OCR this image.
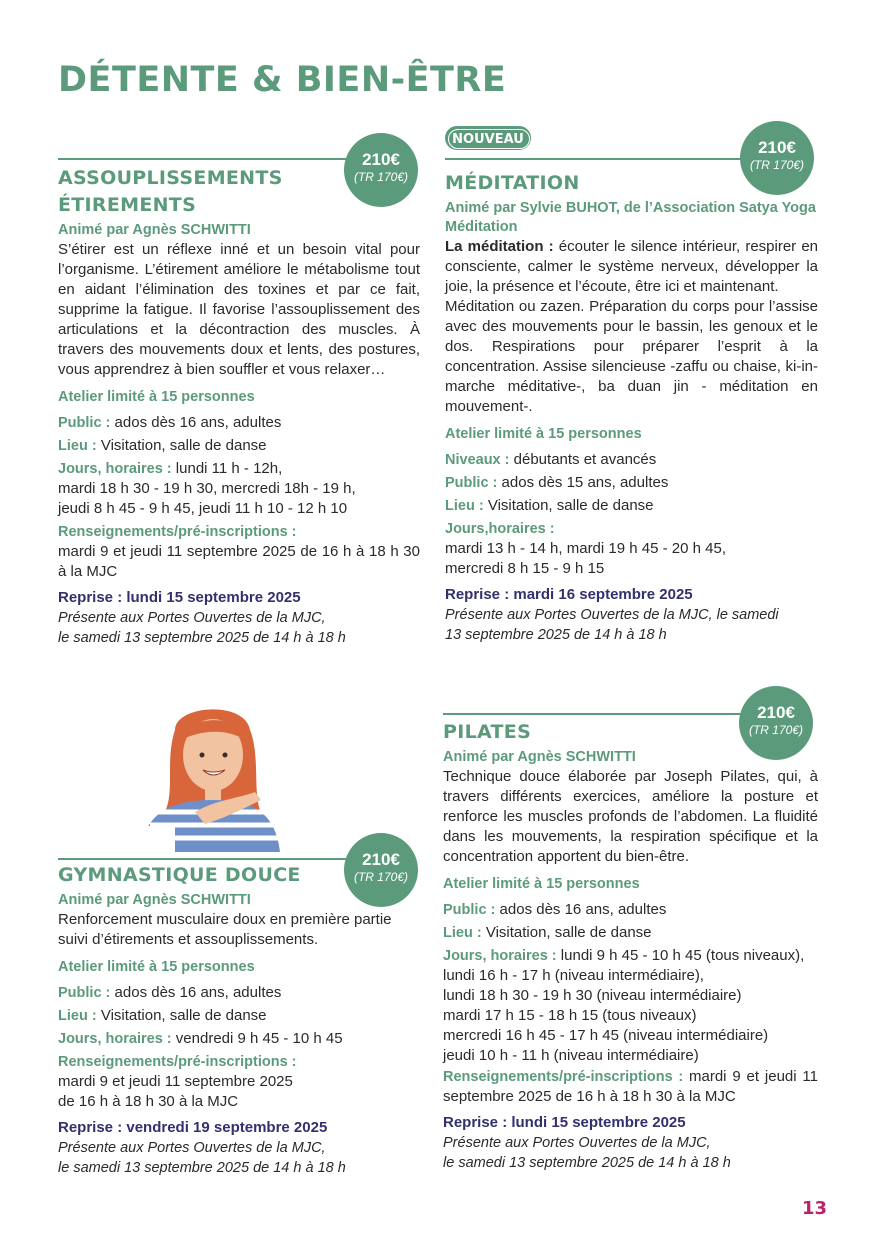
DÉTENTE & BIEN-ÊTRE
210€
(TR 170€)
ASSOUPLISSEMENTS
ÉTIREMENTS
Animé par Agnès SCHWITTI
S’étirer est un réflexe inné et un besoin vital pour l’organisme. L’étirement améliore le métabolisme tout en aidant l’élimination des toxines et par ce fait, supprime la fatigue. Il favorise l’assouplissement des articulations et la décontraction des muscles. À travers des mouvements doux et lents, des postures, vous apprendrez à bien souffler et vous relaxer…
Atelier limité à 15 personnes
Public : ados dès 16 ans, adultes
Lieu : Visitation, salle de danse
Jours, horaires : lundi 11 h - 12h,
mardi 18 h 30 - 19 h 30, mercredi 18h - 19 h,
jeudi 8 h 45 - 9 h 45, jeudi 11 h 10 - 12 h 10
Renseignements/pré-inscriptions :
mardi 9 et jeudi 11 septembre 2025 de 16 h à 18 h 30 à la MJC
Reprise : lundi 15 septembre 2025
Présente aux Portes Ouvertes de la MJC,
le samedi 13 septembre 2025 de 14 h à 18 h
NOUVEAU	210€
(TR 170€)
MÉDITATION
Animé par Sylvie BUHOT, de l’Association Satya Yoga Méditation
La méditation : écouter le silence intérieur, respirer en consciente, calmer le système nerveux, développer la joie, la présence et l’écoute, être ici et maintenant.
Méditation ou zazen. Préparation du corps pour l’assise avec des mouvements pour le bassin, les genoux et le dos. Respirations pour préparer l’esprit à la concentration. Assise silencieuse -zaffu ou chaise, ki-in-marche méditative-, ba duan jin - méditation en mouvement-.
Atelier limité à 15 personnes
Niveaux : débutants et avancés
Public : ados dès 15 ans, adultes
Lieu : Visitation, salle de danse
Jours,horaires :
mardi 13 h - 14 h, mardi 19 h 45 - 20 h 45,
mercredi 8 h 15 - 9 h 15
Reprise : mardi 16 septembre 2025
Présente aux Portes Ouvertes de la MJC, le samedi
13 septembre 2025 de 14 h à 18 h
210€
(TR 170€)
PILATES
Animé par Agnès SCHWITTI
Technique douce élaborée par Joseph Pilates, qui, à travers différents exercices, améliore la posture et renforce les muscles profonds de l’abdomen. La fluidité dans les mouvements, la respiration spécifique et la concentration apportent du bien-être.
Atelier limité à 15 personnes
Public : ados dès 16 ans, adultes
Lieu : Visitation, salle de danse
Jours, horaires : lundi 9 h 45 - 10 h 45 (tous niveaux),
lundi 16 h - 17 h (niveau intermédiaire),
lundi 18 h 30 - 19 h 30 (niveau intermédiaire)
mardi 17 h 15 - 18 h 15 (tous niveaux)
mercredi 16 h 45 - 17 h 45 (niveau intermédiaire)
jeudi 10 h - 11 h (niveau intermédiaire)
Renseignements/pré-inscriptions : mardi 9 et jeudi 11 septembre 2025 de 16 h à 18 h 30 à la MJC
Reprise : lundi 15 septembre 2025
Présente aux Portes Ouvertes de la MJC,
le samedi 13 septembre 2025 de 14 h à 18 h
210€
(TR 170€)
GYMNASTIQUE DOUCE
Animé par Agnès SCHWITTI
Renforcement musculaire doux en première partie suivi d’étirements et assouplissements.
Atelier limité à 15 personnes
Public : ados dès 16 ans, adultes
Lieu : Visitation, salle de danse
Jours, horaires : vendredi 9 h 45 - 10 h 45
Renseignements/pré-inscriptions :
mardi 9 et jeudi 11 septembre 2025
de 16 h à 18 h 30 à la MJC
Reprise : vendredi 19 septembre 2025
Présente aux Portes Ouvertes de la MJC,
le samedi 13 septembre 2025 de 14 h à 18 h
13
